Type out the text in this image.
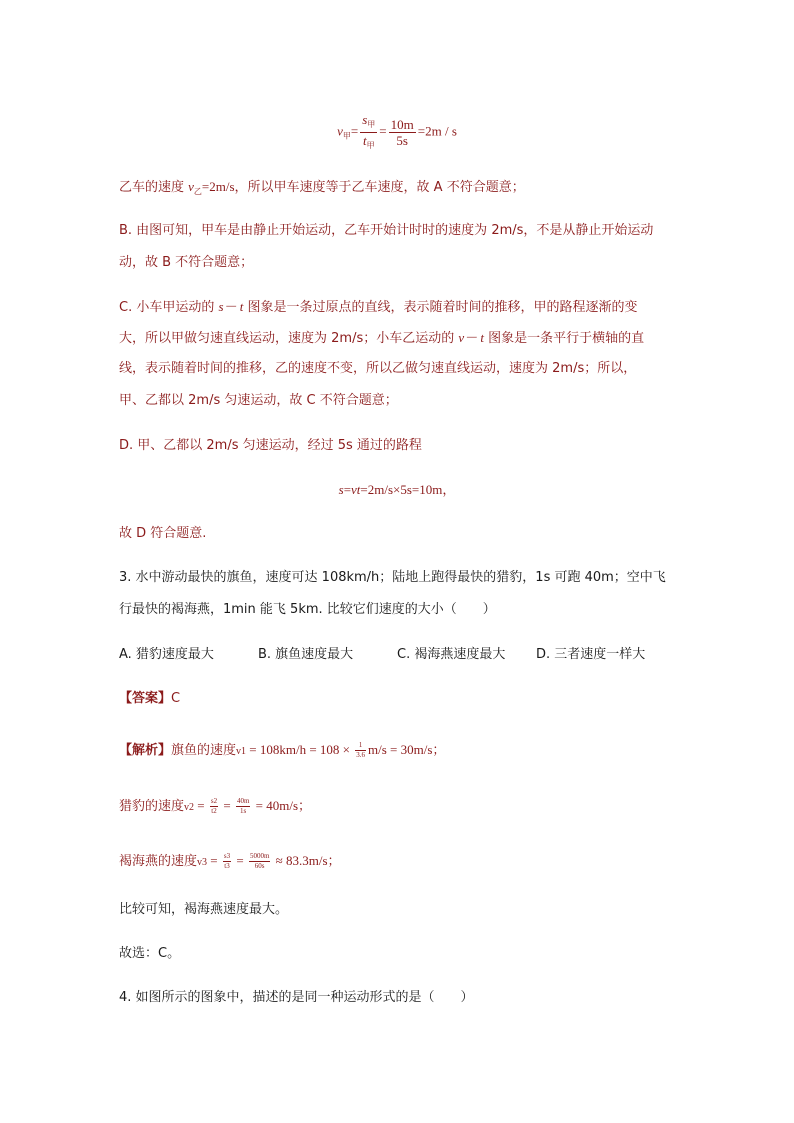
$v_甲= \frac{s_甲}{t_甲} = \frac{10m}{5s} =2m / s$
乙车的速度 $v_乙=2m/s$，所以甲车速度等于乙车速度，故 A 不符合题意；
B. 由图可知，甲车是由静止开始运动，乙车开始计时时的速度为 2m/s，不是从静止开始运动
动，故 B 不符合题意；
C. 小车甲运动的 s－ t 图象是一条过原点的直线，表示随着时间的推移，甲的路程逐渐的变
大，所以甲做匀速直线运动，速度为 2m/s；小车乙运动的 v－ t 图象是一条平行于横轴的直
线，表示随着时间的推移，乙的速度不变，所以乙做匀速直线运动，速度为 2m/s；所以，
甲、乙都以 2m/s 匀速运动，故 C 不符合题意；
D. 甲、乙都以 2m/s 匀速运动，经过 5s 通过的路程
s=vt=2m/s×5s=10m，
故 D 符合题意.
3. 水中游动最快的旗鱼，速度可达 108km/h；陆地上跑得最快的猎豹，1s 可跑 40m；空中飞
行最快的褐海燕，1min 能飞 5km. 比较它们速度的大小（　　）
A. 猎豹速度最大	B. 旗鱼速度最大	C. 褐海燕速度最大 D. 三者速度一样大
【答案】C
【解析】旗鱼的速度$v1 = 108km/h = 108 \times \frac{1}{3.6} m/s = 30m/s$；
猎豹的速度$v2 = \frac{s2}{t2} = \frac{40m}{1s} = 40m/s$；
褐海燕的速度$v3 = \frac{s3}{t3} = \frac{5000m}{60s} \approx 83.3m/s$；
比较可知，褐海燕速度最大。
故选：C。
4. 如图所示的图象中，描述的是同一种运动形式的是（　　）
